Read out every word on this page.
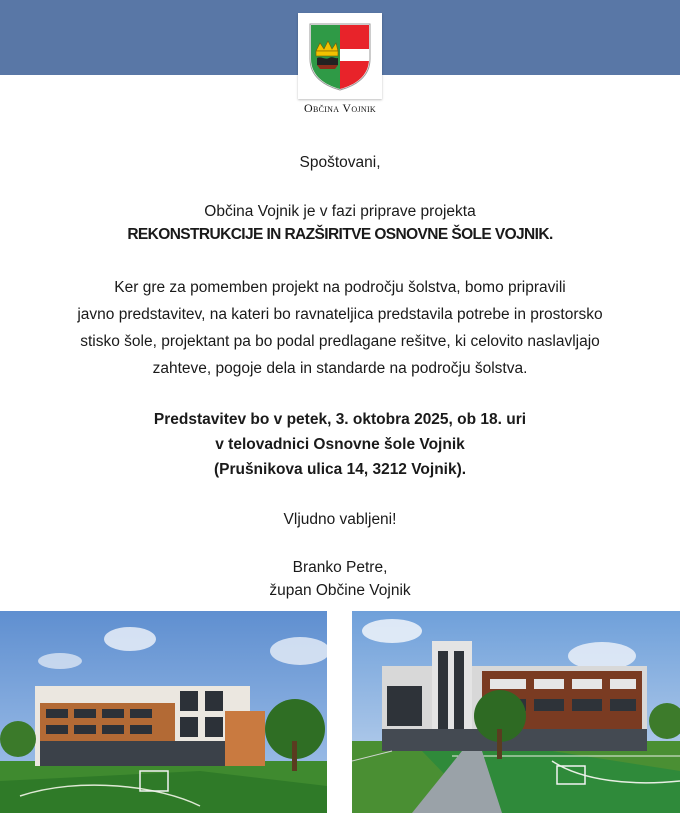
Občina Vojnik
Spoštovani,
Občina Vojnik je v fazi priprave projekta
REKONSTRUKCIJE IN RAZŠIRITVE OSNOVNE ŠOLE VOJNIK.
Ker gre za pomemben projekt na področju šolstva, bomo pripravili
javno predstavitev, na kateri bo ravnateljica predstavila potrebe in prostorsko
stisko šole, projektant pa bo podal predlagane rešitve, ki celovito naslavljajo
zahteve, pogoje dela in standarde na področju šolstva.
Predstavitev bo v petek, 3. oktobra 2025, ob 18. uri
v telovadnici Osnovne šole Vojnik
(Prušnikova ulica 14, 3212 Vojnik).
Vljudno vabljeni!
Branko Petre,
župan Občine Vojnik
